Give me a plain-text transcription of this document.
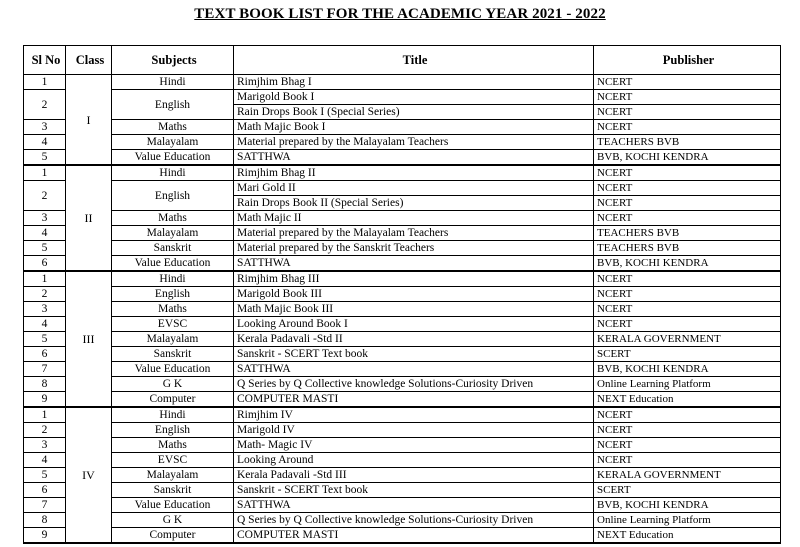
TEXT BOOK LIST FOR THE ACADEMIC YEAR 2021 - 2022
Sl No	Class	Subjects	Title	Publisher
1	I	Hindi	Rimjhim Bhag I	NCERT
2		English	Marigold Book I	NCERT
			Rain Drops Book I (Special Series)	NCERT
3		Maths	Math Majic Book I	NCERT
4		Malayalam	Material prepared by the Malayalam Teachers	TEACHERS BVB
5		Value Education	SATTHWA	BVB, KOCHI KENDRA
1	II	Hindi	Rimjhim Bhag II	NCERT
2		English	Mari Gold II	NCERT
			Rain Drops Book II (Special Series)	NCERT
3		Maths	Math Majic II	NCERT
4		Malayalam	Material prepared by the Malayalam Teachers	TEACHERS BVB
5		Sanskrit	Material prepared by the Sanskrit Teachers	TEACHERS BVB
6		Value Education	SATTHWA	BVB, KOCHI KENDRA
1	III	Hindi	Rimjhim Bhag III	NCERT
2		English	Marigold Book III	NCERT
3		Maths	Math Majic Book III	NCERT
4		EVSC	Looking Around Book I	NCERT
5		Malayalam	Kerala Padavali -Std II	KERALA GOVERNMENT
6		Sanskrit	Sanskrit - SCERT Text book	SCERT
7		Value Education	SATTHWA	BVB, KOCHI KENDRA
8		G K	Q Series by Q Collective knowledge Solutions-Curiosity Driven	Online Learning Platform
9		Computer	COMPUTER MASTI	NEXT Education
1	IV	Hindi	Rimjhim IV	NCERT
2		English	Marigold IV	NCERT
3		Maths	Math- Magic IV	NCERT
4		EVSC	Looking Around	NCERT
5		Malayalam	Kerala Padavali -Std III	KERALA GOVERNMENT
6		Sanskrit	Sanskrit - SCERT Text book	SCERT
7		Value Education	SATTHWA	BVB, KOCHI KENDRA
8		G K	Q Series by Q Collective knowledge Solutions-Curiosity Driven	Online Learning Platform
9		Computer	COMPUTER MASTI	NEXT Education
